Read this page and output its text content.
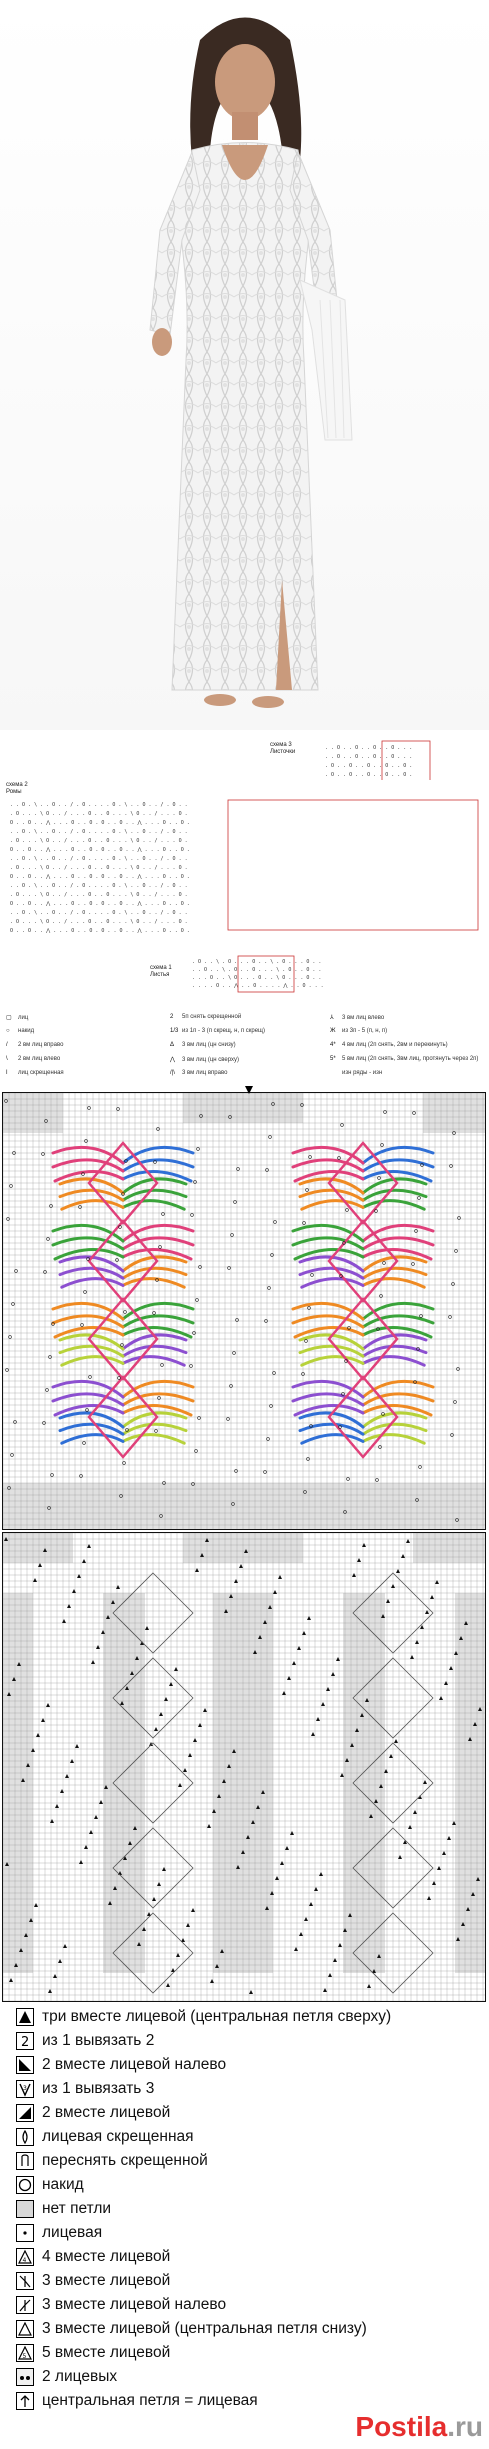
схема 3
Листочки
. . O . . O . . O . . O . . .
. . O . . O . . O . . O . . .
. O . . O . . O . . O . . O .
. O . . O . . O . . O . . O .
схема 2
Ромы
. . O . \ . . O . . / . O . . . . O . \ . . O . . / . O . .
. O . . . \ O . . / . . . O . . O . . . \ O . . / . . . O .
O . . O . . ⋀ . . . O . . O . O . . O . . ⋀ . . . O . . O .
. . O . \ . . O . . / . O . . . . O . \ . . O . . / . O . .
. O . . . \ O . . / . . . O . . O . . . \ O . . / . . . O .
O . . O . . ⋀ . . . O . . O . O . . O . . ⋀ . . . O . . O .
. . O . \ . . O . . / . O . . . . O . \ . . O . . / . O . .
. O . . . \ O . . / . . . O . . O . . . \ O . . / . . . O .
O . . O . . ⋀ . . . O . . O . O . . O . . ⋀ . . . O . . O .
. . O . \ . . O . . / . O . . . . O . \ . . O . . / . O . .
. O . . . \ O . . / . . . O . . O . . . \ O . . / . . . O .
O . . O . . ⋀ . . . O . . O . O . . O . . ⋀ . . . O . . O .
. . O . \ . . O . . / . O . . . . O . \ . . O . . / . O . .
. O . . . \ O . . / . . . O . . O . . . \ O . . / . . . O .
O . . O . . ⋀ . . . O . . O . O . . O . . ⋀ . . . O . . O .
схема 1
Листья
. O . . \ . O . . . O . . \ . O . . . O . .
. . O . . \ . O . . O . . . \ . O . . O . .
. . . O . . \ O . . . O . . \ O . . . O . .
. . . . O . . ⋀ . . O . . . . ⋀ . . O . . .
▢ лиц	2 5п снять скрещенной	⅄ 3 вм лиц влево
○ накид	1/3 из 1п - 3 (п скрещ, н, п скрещ)	Ж из 3п - 5 (п, н, п)
/ 2 вм лиц вправо	Δ 3 вм лиц (цн снизу)	4* 4 вм лиц (2п снять, 2вм и перекинуть)
\ 2 вм лиц влево	⋀ 3 вм лиц (цн сверху)	5* 5 вм лиц (2п снять, 3вм лиц, протянуть через 2п)
ǀ лиц скрещенная	/|\ 3 вм лиц вправо	изн ряды - изн
три вместе лицевой (центральная петля сверху)
2 из 1 вывязать 2
2 вместе лицевой налево
3 из 1 вывязать 3
2 вместе лицевой
лицевая скрещенная
переснять скрещенной
накид
нет петли
лицевая
4 4 вместе лицевой
3 вместе лицевой
3 вместе лицевой налево
3 вместе лицевой (центральная петля снизу)
5 5 вместе лицевой
2 лицевых
центральная петля = лицевая
Postila.ru
